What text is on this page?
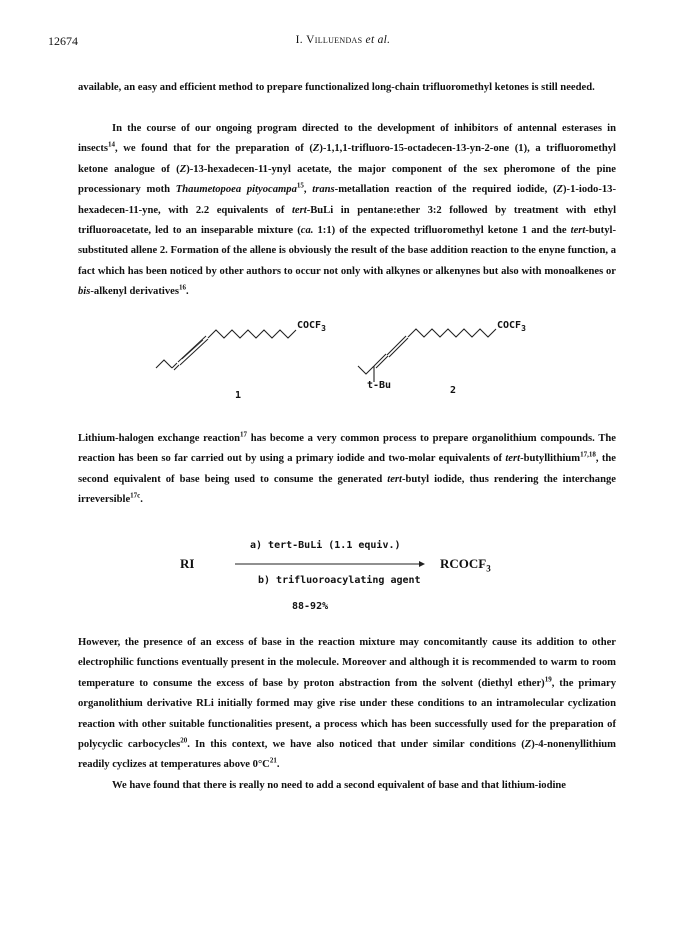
12674	I. Villuendas et al.

available, an easy and efficient method to prepare functionalized long-chain trifluoromethyl ketones is still needed.

In the course of our ongoing program directed to the development of inhibitors of antennal esterases in insects$^{14}$, we found that for the preparation of (Z)-1,1,1-trifluoro-15-octadecen-13-yn-2-one (1), a trifluoromethyl ketone analogue of (Z)-13-hexadecen-11-ynyl acetate, the major component of the sex pheromone of the pine processionary moth Thaumetopoea pityocampa$^{15}$, trans-metallation reaction of the required iodide, (Z)-1-iodo-13-hexadecen-11-yne, with 2.2 equivalents of tert-BuLi in pentane:ether 3:2 followed by treatment with ethyl trifluoroacetate, led to an inseparable mixture (ca. 1:1) of the expected trifluoromethyl ketone 1 and the tert-butyl-substituted allene 2. Formation of the allene is obviously the result of the base addition reaction to the enyne function, a fact which has been noticed by other authors to occur not only with alkynes or alkenynes but also with monoalkenes or bis-alkenyl derivatives$^{16}$.

$COCF_3$
1
$COCF_3$
t-Bu	2

Lithium-halogen exchange reaction$^{17}$ has become a very common process to prepare organolithium compounds. The reaction has been so far carried out by using a primary iodide and two-molar equivalents of tert-butyllithium$^{17,18}$, the second equivalent of base being used to consume the generated tert-butyl iodide, thus rendering the interchange irreversible$^{17c}$.

RI
a) tert-BuLi (1.1 equiv.)
b) trifluoroacylating agent
$RCOCF_3$
88-92%

However, the presence of an excess of base in the reaction mixture may concomitantly cause its addition to other electrophilic functions eventually present in the molecule. Moreover and although it is recommended to warm to room temperature to consume the excess of base by proton abstraction from the solvent (diethyl ether)$^{19}$, the primary organolithium derivative RLi initially formed may give rise under these conditions to an intramolecular cyclization reaction with other suitable functionalities present, a process which has been successfully used for the preparation of polycyclic carbocycles$^{20}$. In this context, we have also noticed that under similar conditions (Z)-4-nonenyllithium readily cyclizes at temperatures above $0^\circ C^{21}$.

We have found that there is really no need to add a second equivalent of base and that lithium-iodine
